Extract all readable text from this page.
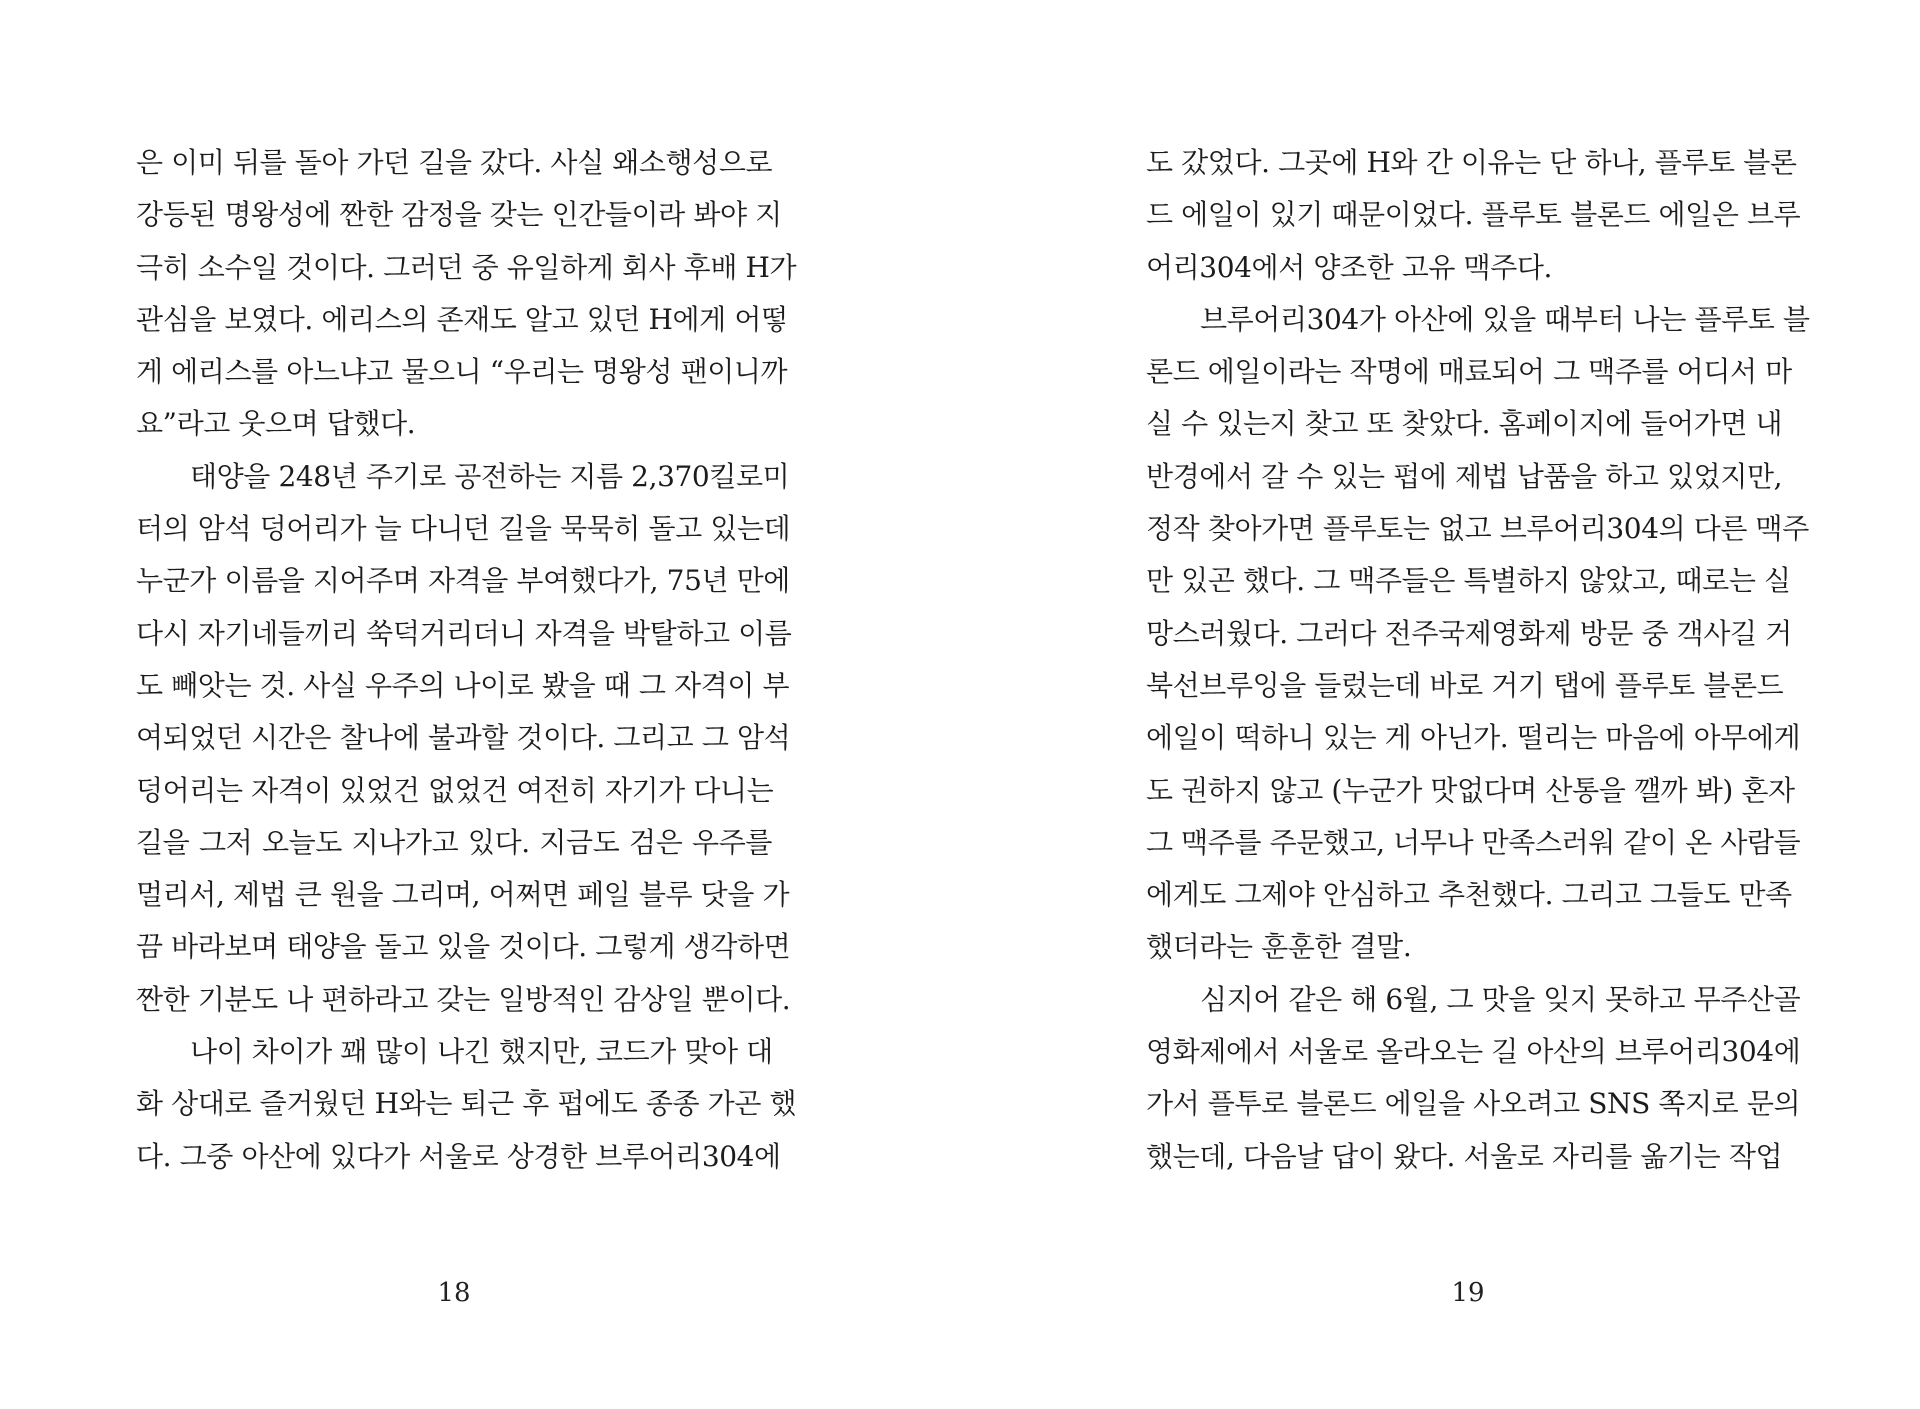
은 이미 뒤를 돌아 가던 길을 갔다. 사실 왜소행성으로
강등된 명왕성에 짠한 감정을 갖는 인간들이라 봐야 지
극히 소수일 것이다. 그러던 중 유일하게 회사 후배 H가
관심을 보였다. 에리스의 존재도 알고 있던 H에게 어떻
게 에리스를 아느냐고 물으니 “우리는 명왕성 팬이니까
요”라고 웃으며 답했다.
태양을 248년 주기로 공전하는 지름 2,370킬로미
터의 암석 덩어리가 늘 다니던 길을 묵묵히 돌고 있는데
누군가 이름을 지어주며 자격을 부여했다가, 75년 만에
다시 자기네들끼리 쑥덕거리더니 자격을 박탈하고 이름
도 빼앗는 것. 사실 우주의 나이로 봤을 때 그 자격이 부
여되었던 시간은 찰나에 불과할 것이다. 그리고 그 암석
덩어리는 자격이 있었건 없었건 여전히 자기가 다니는
길을 그저 오늘도 지나가고 있다. 지금도 검은 우주를
멀리서, 제법 큰 원을 그리며, 어쩌면 페일 블루 닷을 가
끔 바라보며 태양을 돌고 있을 것이다. 그렇게 생각하면
짠한 기분도 나 편하라고 갖는 일방적인 감상일 뿐이다.
나이 차이가 꽤 많이 나긴 했지만, 코드가 맞아 대
화 상대로 즐거웠던 H와는 퇴근 후 펍에도 종종 가곤 했
다. 그중 아산에 있다가 서울로 상경한 브루어리304에
18
도 갔었다. 그곳에 H와 간 이유는 단 하나, 플루토 블론
드 에일이 있기 때문이었다. 플루토 블론드 에일은 브루
어리304에서 양조한 고유 맥주다.
브루어리304가 아산에 있을 때부터 나는 플루토 블
론드 에일이라는 작명에 매료되어 그 맥주를 어디서 마
실 수 있는지 찾고 또 찾았다. 홈페이지에 들어가면 내
반경에서 갈 수 있는 펍에 제법 납품을 하고 있었지만,
정작 찾아가면 플루토는 없고 브루어리304의 다른 맥주
만 있곤 했다. 그 맥주들은 특별하지 않았고, 때로는 실
망스러웠다. 그러다 전주국제영화제 방문 중 객사길 거
북선브루잉을 들렀는데 바로 거기 탭에 플루토 블론드
에일이 떡하니 있는 게 아닌가. 떨리는 마음에 아무에게
도 권하지 않고 (누군가 맛없다며 산통을 깰까 봐) 혼자
그 맥주를 주문했고, 너무나 만족스러워 같이 온 사람들
에게도 그제야 안심하고 추천했다. 그리고 그들도 만족
했더라는 훈훈한 결말.
심지어 같은 해 6월, 그 맛을 잊지 못하고 무주산골
영화제에서 서울로 올라오는 길 아산의 브루어리304에
가서 플투로 블론드 에일을 사오려고 SNS 쪽지로 문의
했는데, 다음날 답이 왔다. 서울로 자리를 옮기는 작업
19
